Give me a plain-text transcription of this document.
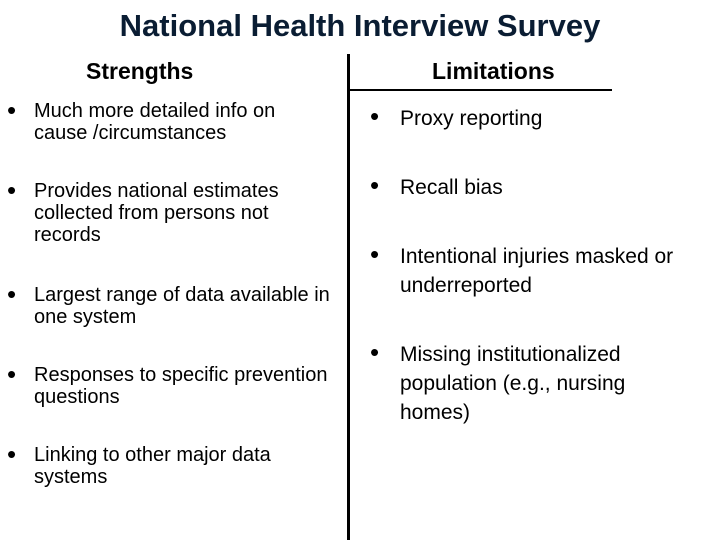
National Health Interview Survey
Strengths	Limitations
• Much more detailed info on cause /circumstances
• Provides national estimates collected from persons not records
• Largest range of data available in one system
• Responses to specific prevention questions
• Linking to other major data systems
• Proxy reporting
• Recall bias
• Intentional injuries masked or underreported
• Missing institutionalized population (e.g., nursing homes)
